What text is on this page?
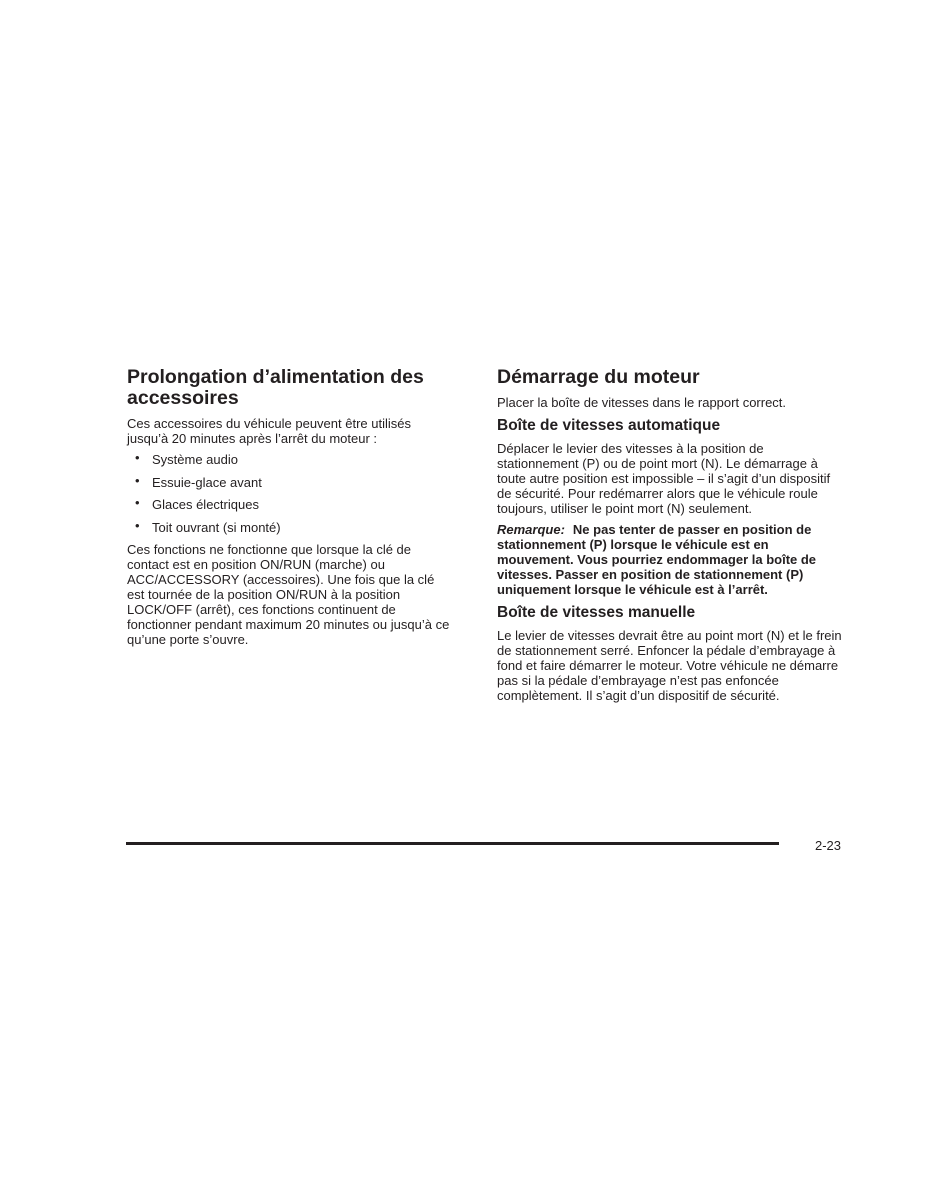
Prolongation d’alimentation des accessoires

Ces accessoires du véhicule peuvent être utilisés jusqu’à 20 minutes après l’arrêt du moteur :

• Système audio
• Essuie-glace avant
• Glaces électriques
• Toit ouvrant (si monté)

Ces fonctions ne fonctionne que lorsque la clé de contact est en position ON/RUN (marche) ou ACC/ACCESSORY (accessoires). Une fois que la clé est tournée de la position ON/RUN à la position LOCK/OFF (arrêt), ces fonctions continuent de fonctionner pendant maximum 20 minutes ou jusqu’à ce qu’une porte s’ouvre.

Démarrage du moteur

Placer la boîte de vitesses dans le rapport correct.

Boîte de vitesses automatique

Déplacer le levier des vitesses à la position de stationnement (P) ou de point mort (N). Le démarrage à toute autre position est impossible – il s’agit d’un dispositif de sécurité. Pour redémarrer alors que le véhicule roule toujours, utiliser le point mort (N) seulement.

Remarque: Ne pas tenter de passer en position de stationnement (P) lorsque le véhicule est en mouvement. Vous pourriez endommager la boîte de vitesses. Passer en position de stationnement (P) uniquement lorsque le véhicule est à l’arrêt.

Boîte de vitesses manuelle

Le levier de vitesses devrait être au point mort (N) et le frein de stationnement serré. Enfoncer la pédale d’embrayage à fond et faire démarrer le moteur. Votre véhicule ne démarre pas si la pédale d’embrayage n’est pas enfoncée complètement. Il s’agit d’un dispositif de sécurité.

2-23
